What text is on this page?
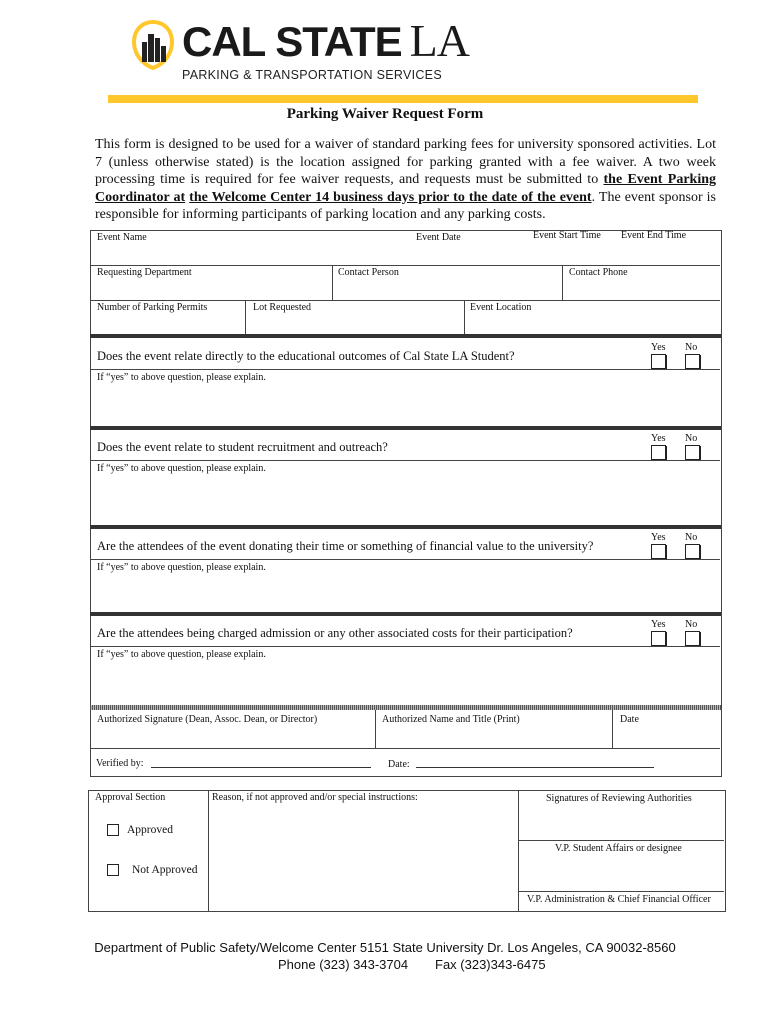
CAL STATE LA
PARKING & TRANSPORTATION SERVICES
Parking Waiver Request Form
This form is designed to be used for a waiver of standard parking fees for university sponsored activities. Lot 7 (unless otherwise stated) is the location assigned for parking granted with a fee waiver. A two week processing time is required for fee waiver requests, and requests must be submitted to the Event Parking Coordinator at the Welcome Center 14 business days prior to the date of the event. The event sponsor is responsible for informing participants of parking location and any parking costs.
Event Name	Event Date	Event Start Time Event End Time
Requesting Department	Contact Person	Contact Phone
Number of Parking Permits	Lot Requested	Event Location
Does the event relate directly to the educational outcomes of Cal State LA Student?
Yes No
If “yes” to above question, please explain.
Does the event relate to student recruitment and outreach?
Yes No
If “yes” to above question, please explain.
Are the attendees of the event donating their time or something of financial value to the university?
Yes No
If “yes” to above question, please explain.
Are the attendees being charged admission or any other associated costs for their participation?
Yes No
If “yes” to above question, please explain.
Authorized Signature (Dean, Assoc. Dean, or Director)	Authorized Name and Title (Print)	Date
Verified by:	Date:
Approval Section	Reason, if not approved and/or special instructions:	Signatures of Reviewing Authorities
Approved
Not Approved
V.P. Student Affairs or designee
V.P. Administration & Chief Financial Officer
Department of Public Safety/Welcome Center 5151 State University Dr. Los Angeles, CA 90032-8560
Phone (323) 343-3704 Fax (323)343-6475
